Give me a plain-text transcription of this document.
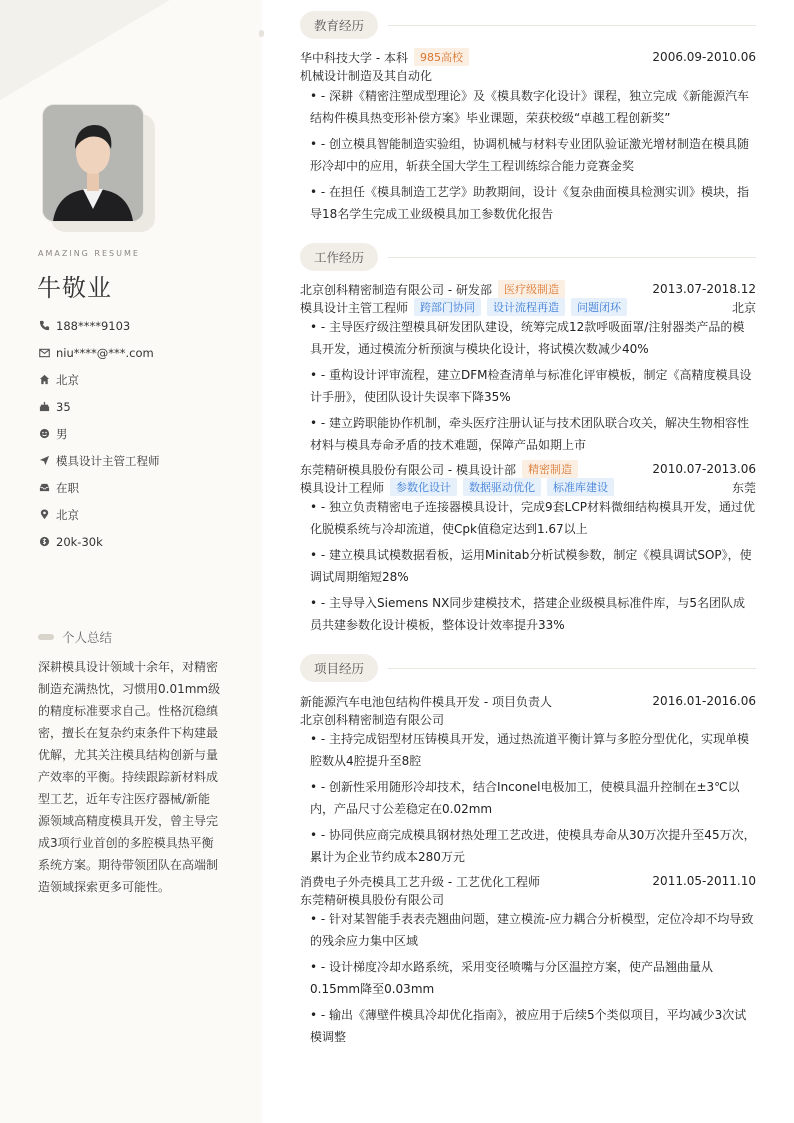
AMAZING RESUME
牛敬业
188****9103
niu****@***.com
北京
35
男
模具设计主管工程师
在职
北京
20k-30k
个人总结
深耕模具设计领域十余年，对精密制造充满热忱，习惯用0.01mm级的精度标准要求自己。性格沉稳缜密，擅长在复杂约束条件下构建最优解，尤其关注模具结构创新与量产效率的平衡。持续跟踪新材料成型工艺，近年专注医疗器械/新能源领域高精度模具开发，曾主导完成3项行业首创的多腔模具热平衡系统方案。期待带领团队在高端制造领域探索更多可能性。
教育经历
华中科技大学 - 本科	985高校	2006.09-2010.06
机械设计制造及其自动化
• - 深耕《精密注塑成型理论》及《模具数字化设计》课程，独立完成《新能源汽车结构件模具热变形补偿方案》毕业课题，荣获校级“卓越工程创新奖”
• - 创立模具智能制造实验组，协调机械与材料专业团队验证激光增材制造在模具随形冷却中的应用，斩获全国大学生工程训练综合能力竞赛金奖
• - 在担任《模具制造工艺学》助教期间，设计《复杂曲面模具检测实训》模块，指导18名学生完成工业级模具加工参数优化报告
工作经历
北京创科精密制造有限公司 - 研发部	医疗级制造	2013.07-2018.12
模具设计主管工程师	跨部门协同	设计流程再造	问题闭环	北京
• - 主导医疗级注塑模具研发团队建设，统筹完成12款呼吸面罩/注射器类产品的模具开发，通过模流分析预演与模块化设计，将试模次数减少40%
• - 重构设计评审流程，建立DFM检查清单与标准化评审模板，制定《高精度模具设计手册》，使团队设计失误率下降35%
• - 建立跨职能协作机制，牵头医疗注册认证与技术团队联合攻关，解决生物相容性材料与模具寿命矛盾的技术难题，保障产品如期上市
东莞精研模具股份有限公司 - 模具设计部	精密制造	2010.07-2013.06
模具设计工程师	参数化设计	数据驱动优化	标准库建设	东莞
• - 独立负责精密电子连接器模具设计，完成9套LCP材料微细结构模具开发，通过优化脱模系统与冷却流道，使Cpk值稳定达到1.67以上
• - 建立模具试模数据看板，运用Minitab分析试模参数，制定《模具调试SOP》，使调试周期缩短28%
• - 主导导入Siemens NX同步建模技术，搭建企业级模具标准件库，与5名团队成员共建参数化设计模板，整体设计效率提升33%
项目经历
新能源汽车电池包结构件模具开发 - 项目负责人	2016.01-2016.06
北京创科精密制造有限公司
• - 主持完成铝型材压铸模具开发，通过热流道平衡计算与多腔分型优化，实现单模腔数从4腔提升至8腔
• - 创新性采用随形冷却技术，结合Inconel电极加工，使模具温升控制在±3℃以内，产品尺寸公差稳定在0.02mm
• - 协同供应商完成模具钢材热处理工艺改进，使模具寿命从30万次提升至45万次，累计为企业节约成本280万元
消费电子外壳模具工艺升级 - 工艺优化工程师	2011.05-2011.10
东莞精研模具股份有限公司
• - 针对某智能手表表壳翘曲问题，建立模流-应力耦合分析模型，定位冷却不均导致的残余应力集中区域
• - 设计梯度冷却水路系统，采用变径喷嘴与分区温控方案，使产品翘曲量从0.15mm降至0.03mm
• - 输出《薄壁件模具冷却优化指南》，被应用于后续5个类似项目，平均减少3次试模调整
